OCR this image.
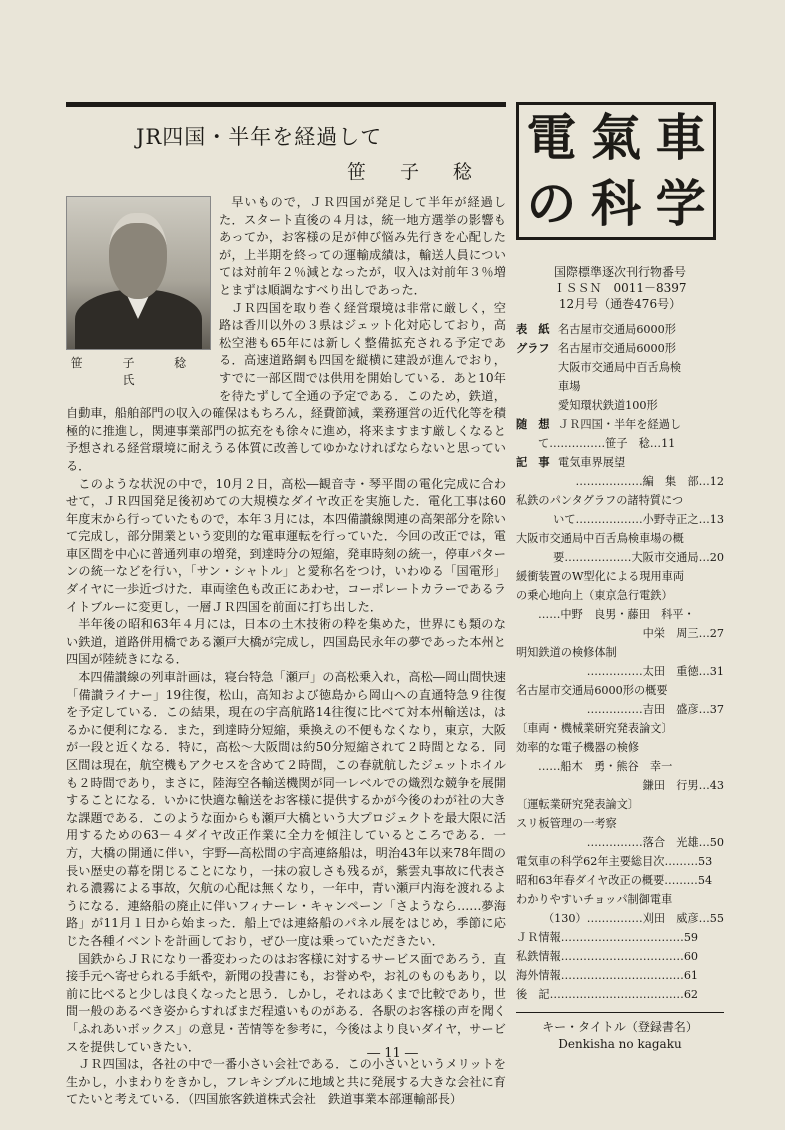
JR四国・半年を経過して
笹 子 稔
笹 子 稔 氏

早いもので，ＪＲ四国が発足して半年が経過した．スタート直後の４月は，統一地方選挙の影響もあってか，お客様の足が伸び悩み先行きを心配したが，上半期を終っての運輸成績は，輸送人員については対前年２％減となったが，収入は対前年３％増とまずは順調なすべり出しであった．

ＪＲ四国を取り巻く経営環境は非常に厳しく，空路は香川以外の３県はジェット化対応しており，高松空港も65年には新しく整備拡充される予定である．高速道路網も四国を縦横に建設が進んでおり，すでに一部区間では供用を開始している．あと10年を待たずして全通の予定である．このため，鉄道，自動車，船舶部門の収入の確保はもちろん，経費節減，業務運営の近代化等を積極的に推進し，関連事業部門の拡充をも徐々に進め，将来ますます厳しくなると予想される経営環境に耐えうる体質に改善してゆかなければならないと思っている．

このような状況の中で，10月２日，高松―観音寺・琴平間の電化完成に合わせて，ＪＲ四国発足後初めての大規模なダイヤ改正を実施した．電化工事は60年度末から行っていたもので，本年３月には，本四備讃線関連の高架部分を除いて完成し，部分開業という変則的な電車運転を行っていた．今回の改正では，電車区間を中心に普通列車の増発，到達時分の短縮，発車時刻の統一，停車パターンの統一などを行い，「サン・シャトル」と愛称名をつけ，いわゆる「国電形」ダイヤに一歩近づけた．車両塗色も改正にあわせ，コーポレートカラーであるライトブルーに変更し，一層ＪＲ四国を前面に打ち出した．

半年後の昭和63年４月には，日本の土木技術の粋を集めた，世界にも類のない鉄道，道路併用橋である瀬戸大橋が完成し，四国島民永年の夢であった本州と四国が陸続きになる．

本四備讃線の列車計画は，寝台特急「瀬戸」の高松乗入れ，高松―岡山間快速「備讃ライナー」19往復，松山，高知および徳島から岡山への直通特急９往復を予定している．この結果，現在の宇高航路14往復に比べて対本州輸送は，はるかに便利になる．また，到達時分短縮，乗換えの不便もなくなり，東京，大阪が一段と近くなる．特に，高松～大阪間は約50分短縮されて２時間となる．同区間は現在，航空機もアクセスを含めて２時間，この春就航したジェットホイルも２時間であり，まさに，陸海空各輸送機関が同一レベルでの熾烈な競争を展開することになる．いかに快適な輸送をお客様に提供するかが今後のわが社の大きな課題である．このような面からも瀬戸大橋という大プロジェクトを最大限に活用するための63－４ダイヤ改正作業に全力を傾注しているところである．一方，大橋の開通に伴い，宇野―高松間の宇高連絡船は，明治43年以来78年間の長い歴史の幕を閉じることになり，一抹の寂しさも残るが，紫雲丸事故に代表される濃霧による事故，欠航の心配は無くなり，一年中，青い瀬戸内海を渡れるようになる．連絡船の廃止に伴いフィナーレ・キャンペーン「さようなら……夢海路」が11月１日から始まった．船上では連絡船のパネル展をはじめ，季節に応じた各種イベントを計画しており，ぜひ一度は乗っていただきたい．

国鉄からＪＲになり一番変わったのはお客様に対するサービス面であろう．直接手元へ寄せられる手紙や，新聞の投書にも，お誉めや，お礼のものもあり，以前に比べると少しは良くなったと思う．しかし，それはあくまで比較であり，世間一般のあるべき姿からすればまだ程遠いものがある．各駅のお客様の声を聞く「ふれあいボックス」の意見・苦情等を参考に，今後はより良いダイヤ，サービスを提供していきたい．

ＪＲ四国は，各社の中で一番小さい会社である．この小さいというメリットを生かし，小まわりをきかし，フレキシブルに地域と共に発展する大きな会社に育てたいと考えている．（四国旅客鉄道株式会社　鉄道事業本部運輸部長）

電 氣 車
の 科 学
国際標準逐次刊行物番号
ＩＳＳＮ　0011－8397
12月号（通巻476号）
表　紙 名古屋市交通局6000形
グラフ 名古屋市交通局6000形
大阪市交通局中百舌鳥検
車場
愛知環状鉄道100形
随　想 ＪＲ四国・半年を経過し
て……………笹子　稔…11
記　事 電気車界展望
………………編　集　部…12
私鉄のパンタグラフの諸特質につ
いて………………小野寺正之…13
大阪市交通局中百舌鳥検車場の概
要………………大阪市交通局…20
緩衝装置のW型化による現用車両
の乗心地向上（東京急行電鉄）
……中野　良男・藤田　科平・
中栄　周三…27
明知鉄道の検修体制
……………太田　重徳…31
名古屋市交通局6000形の概要
……………吉田　盛彦…37
〔車両・機械業研究発表論文〕
効率的な電子機器の検修
……船木　勇・熊谷　幸一
鎌田　行男…43
〔運転業研究発表論文〕
スリ板管理の一考察
……………落合　光雄…50
電気車の科学62年主要総目次………53
昭和63年春ダイヤ改正の概要………54
わかりやすいチョッパ制御電車
（130）……………刈田　威彦…55
ＪＲ情報……………………………59
私鉄情報……………………………60
海外情報……………………………61
後　記………………………………62
キー・タイトル（登録書名）
Denkisha no kagaku
― 11 ―
